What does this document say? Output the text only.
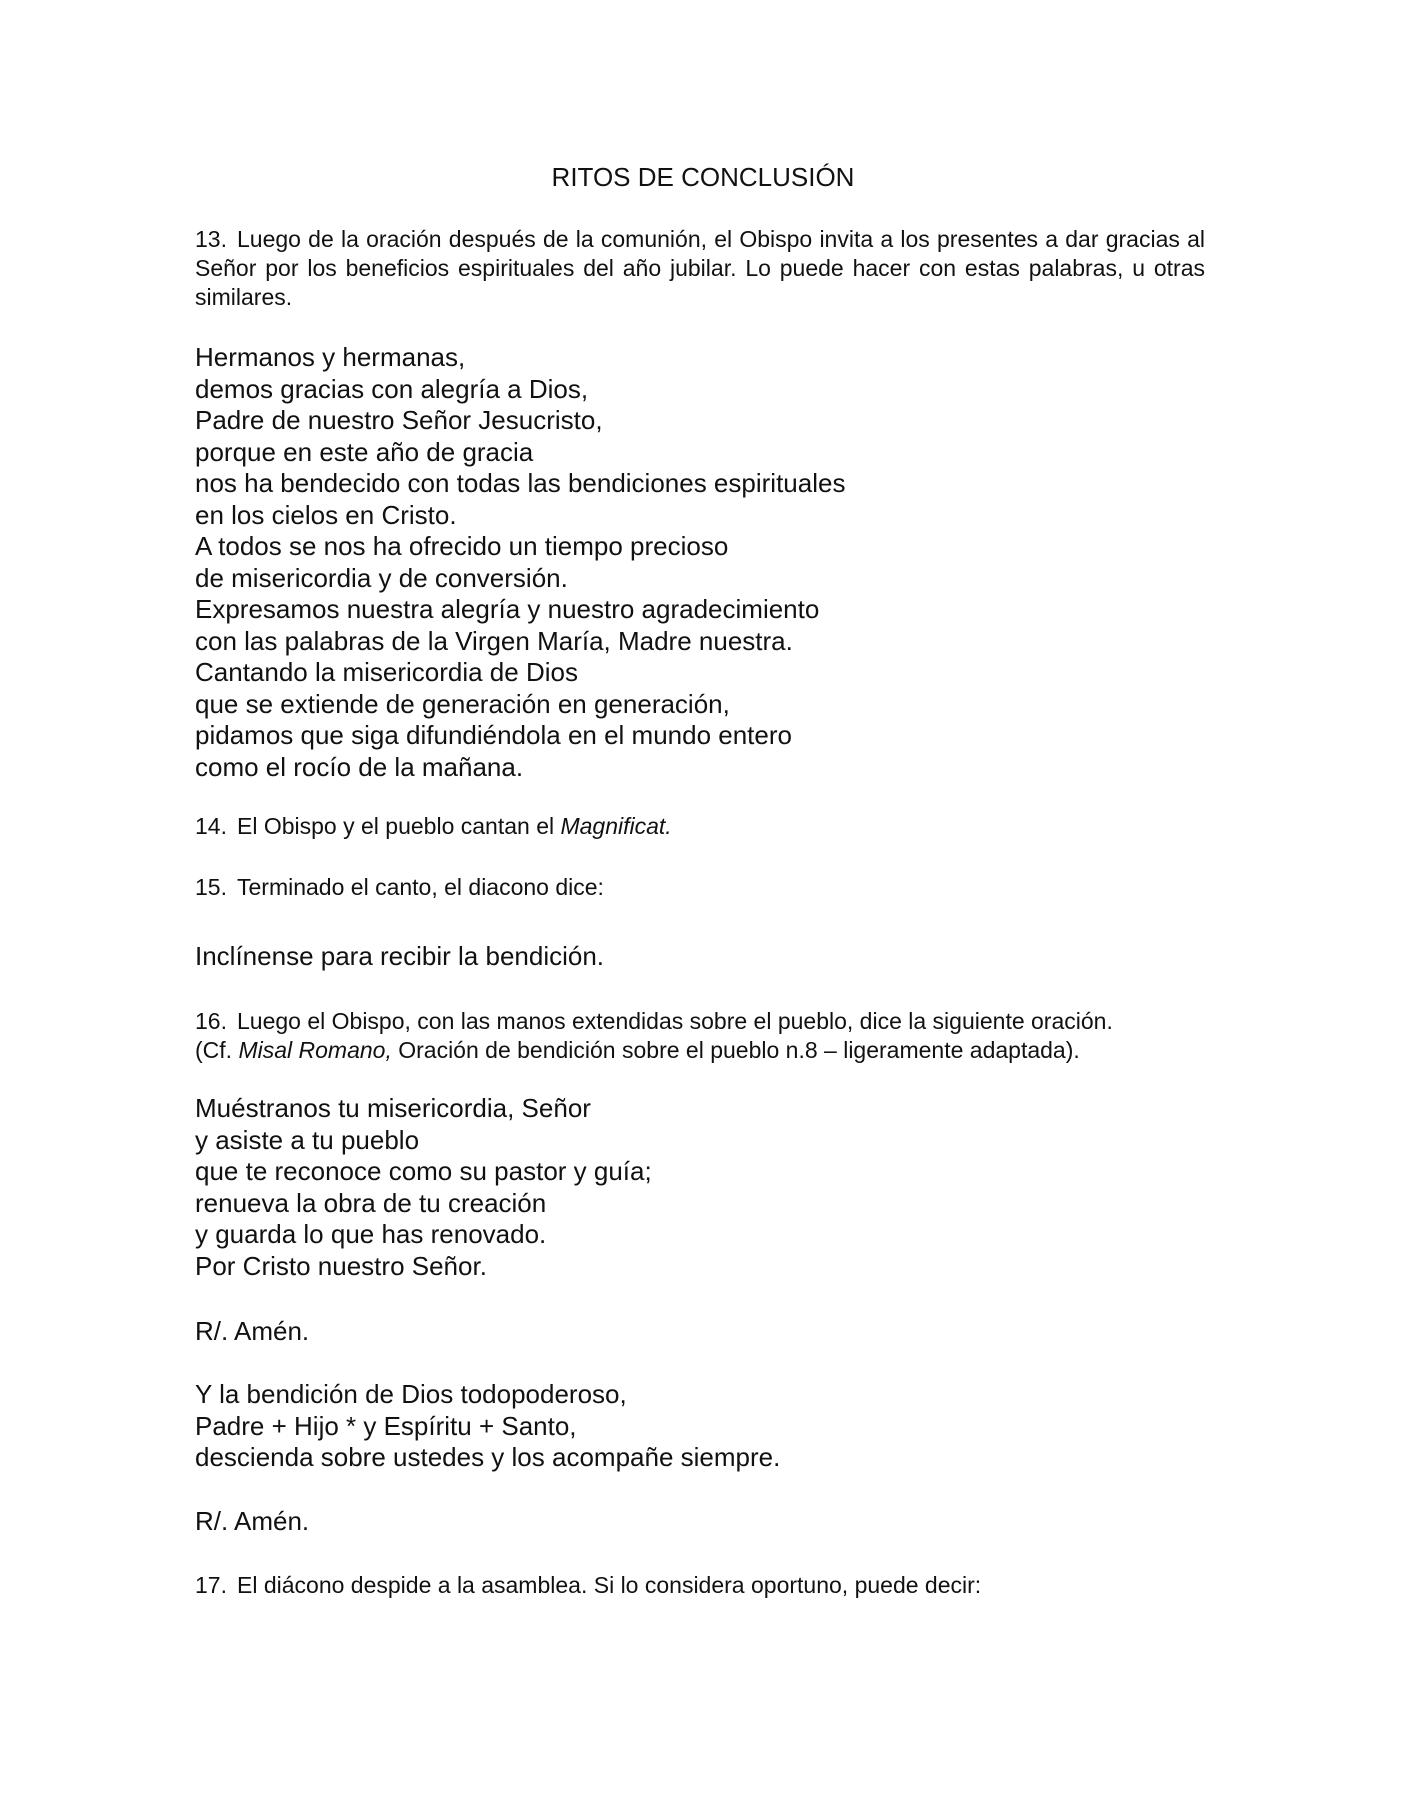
RITOS DE CONCLUSIÓN

13. Luego de la oración después de la comunión, el Obispo invita a los presentes a dar gracias al Señor por los beneficios espirituales del año jubilar. Lo puede hacer con estas palabras, u otras similares.

Hermanos y hermanas,
demos gracias con alegría a Dios,
Padre de nuestro Señor Jesucristo,
porque en este año de gracia
nos ha bendecido con todas las bendiciones espirituales
en los cielos en Cristo.
A todos se nos ha ofrecido un tiempo precioso
de misericordia y de conversión.
Expresamos nuestra alegría y nuestro agradecimiento
con las palabras de la Virgen María, Madre nuestra.
Cantando la misericordia de Dios
que se extiende de generación en generación,
pidamos que siga difundiéndola en el mundo entero
como el rocío de la mañana.

14. El Obispo y el pueblo cantan el Magnificat.

15. Terminado el canto, el diacono dice:

Inclínense para recibir la bendición.

16. Luego el Obispo, con las manos extendidas sobre el pueblo, dice la siguiente oración.
(Cf. Misal Romano, Oración de bendición sobre el pueblo n.8 – ligeramente adaptada).

Muéstranos tu misericordia, Señor
y asiste a tu pueblo
que te reconoce como su pastor y guía;
renueva la obra de tu creación
y guarda lo que has renovado.
Por Cristo nuestro Señor.
R/. Amén.
Y la bendición de Dios todopoderoso,
Padre + Hijo * y Espíritu + Santo,
descienda sobre ustedes y los acompañe siempre.
R/. Amén.

17. El diácono despide a la asamblea. Si lo considera oportuno, puede decir:
